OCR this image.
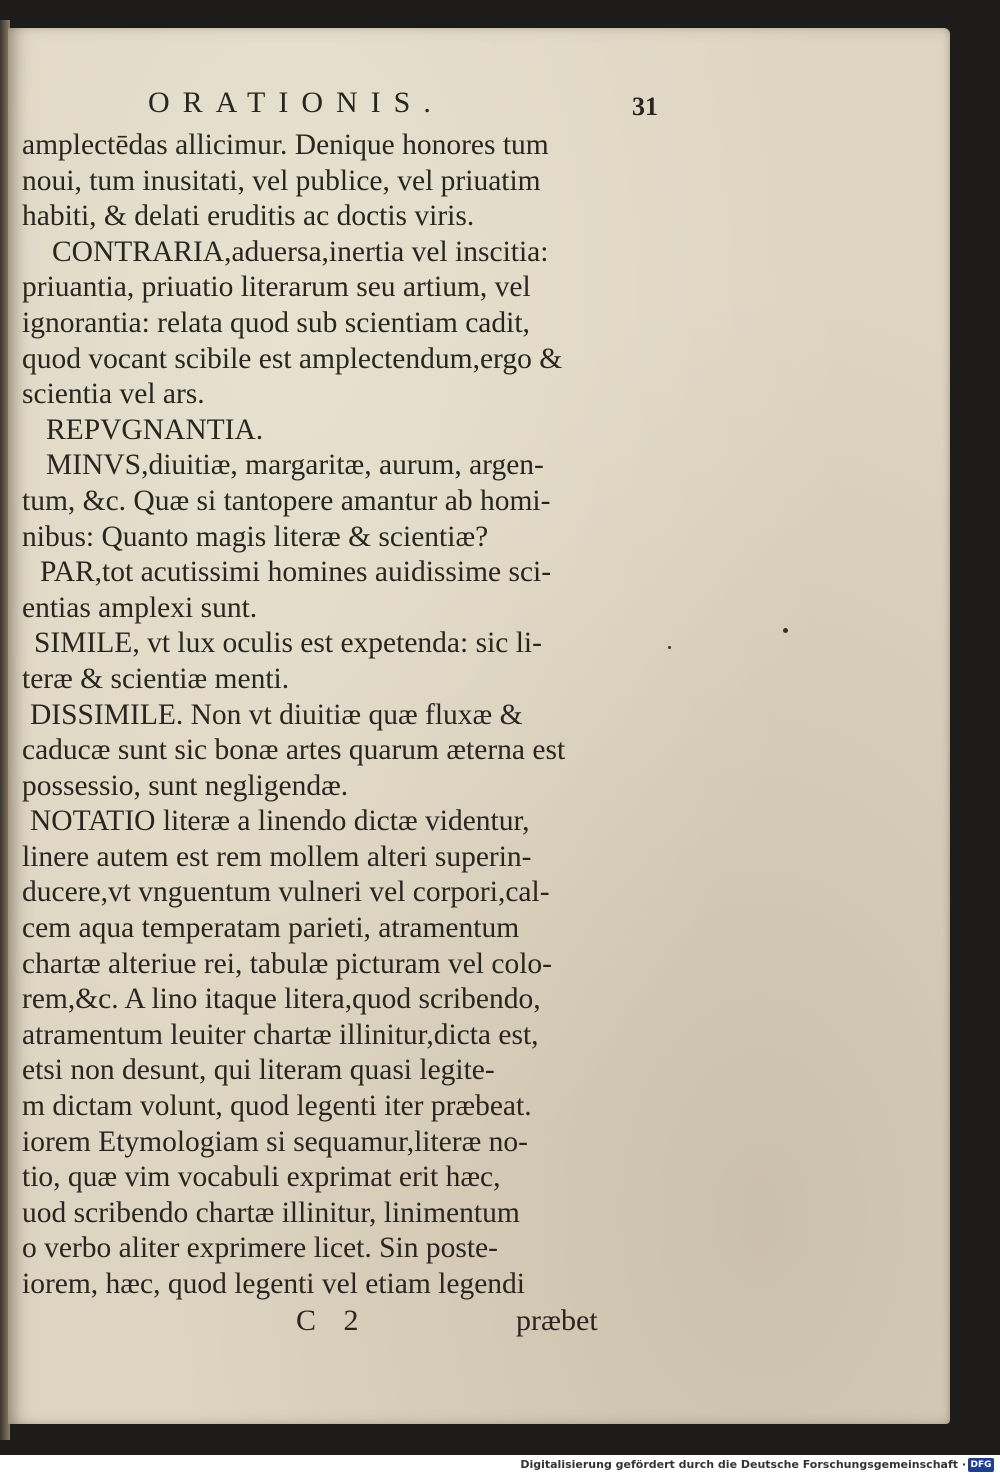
ORATIONIS.	31
amplectēdas allicimur. Denique honores tum
noui, tum inusitati, vel publice, vel priuatim
habiti, & delati eruditis ac doctis viris.
CONTRARIA,aduersa,inertia vel inscitia:
priuantia, priuatio literarum seu artium, vel
ignorantia: relata quod sub scientiam cadit,
quod vocant scibile est amplectendum,ergo &
scientia vel ars.
REPVGNANTIA.
MINVS,diuitiæ, margaritæ, aurum, argen-
tum, &c. Quæ si tantopere amantur ab homi-
nibus: Quanto magis literæ & scientiæ?
PAR,tot acutissimi homines auidissime sci-
entias amplexi sunt.
SIMILE, vt lux oculis est expetenda: sic li-
teræ & scientiæ menti.
DISSIMILE. Non vt diuitiæ quæ fluxæ &
caducæ sunt sic bonæ artes quarum æterna est
possessio, sunt negligendæ.
NOTATIO literæ a linendo dictæ videntur,
linere autem est rem mollem alteri superin-
ducere,vt vnguentum vulneri vel corpori,cal-
cem aqua temperatam parieti, atramentum
chartæ alteriue rei, tabulæ picturam vel colo-
rem,&c. A lino itaque litera,quod scribendo,
atramentum leuiter chartæ illinitur,dicta est,
etsi non desunt, qui literam quasi legite-
m dictam volunt, quod legenti iter præbeat.
iorem Etymologiam si sequamur,literæ no-
tio, quæ vim vocabuli exprimat erit hæc,
uod scribendo chartæ illinitur, linimentum
o verbo aliter exprimere licet. Sin poste-
iorem, hæc, quod legenti vel etiam legendi
C 2	præbet
Digitalisierung gefördert durch die Deutsche Forschungsgemeinschaft · DFG
